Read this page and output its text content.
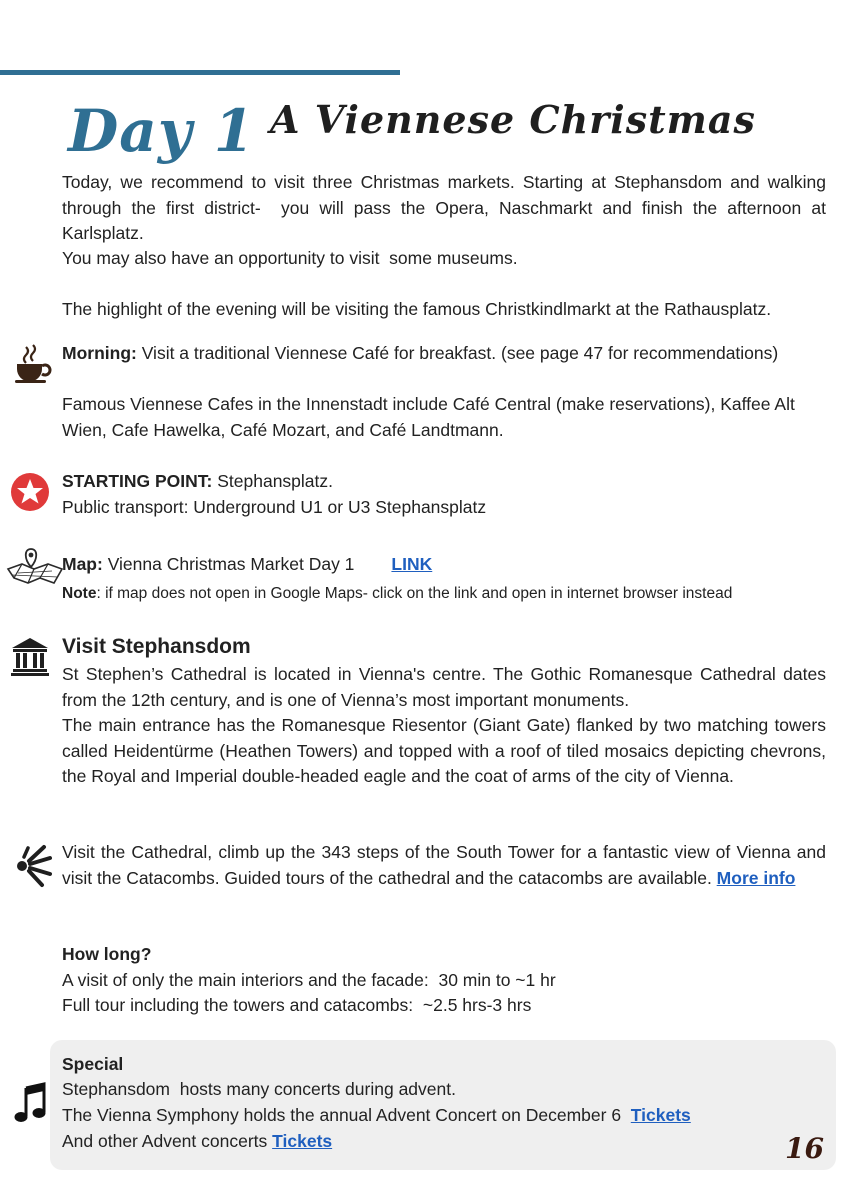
Day 1 A Viennese Christmas
Today, we recommend to visit three Christmas markets. Starting at Stephansdom and walking through the first district-  you will pass the Opera, Naschmarkt and finish the afternoon at  Karlsplatz.
You may also have an opportunity to visit  some museums.
The highlight of the evening will be visiting the famous Christkindlmarkt at the Rathausplatz.
Morning: Visit a traditional Viennese Café for breakfast. (see page 47 for recommendations)
Famous Viennese Cafes in the Innenstadt include Café Central (make reservations), Kaffee Alt Wien, Cafe Hawelka, Café Mozart, and Café Landtmann.
STARTING POINT: Stephansplatz.
Public transport: Underground U1 or U3 Stephansplatz
Map: Vienna Christmas Market Day 1 LINK
Note: if map does not open in Google Maps- click on the link and open in internet browser instead
Visit Stephansdom
St Stephen’s Cathedral is located in Vienna's centre. The Gothic Romanesque Cathedral dates from the 12th century, and is one of Vienna’s most important monuments.
The main entrance has the Romanesque Riesentor (Giant Gate) flanked by two matching towers called Heidentürme (Heathen Towers) and topped with a roof of tiled mosaics depicting chevrons, the Royal and Imperial double-headed eagle and the coat of arms of the city of Vienna.
Visit the Cathedral, climb up the 343 steps of the South Tower for a fantastic view of Vienna and visit the Catacombs. Guided tours of the cathedral and the catacombs are available. More info
How long?
A visit of only the main interiors and the facade:  30 min to ~1 hr
Full tour including the towers and catacombs:  ~2.5 hrs-3 hrs
Special
Stephansdom  hosts many concerts during advent.
The Vienna Symphony holds the annual Advent Concert on December 6  Tickets
And other Advent concerts Tickets	16
